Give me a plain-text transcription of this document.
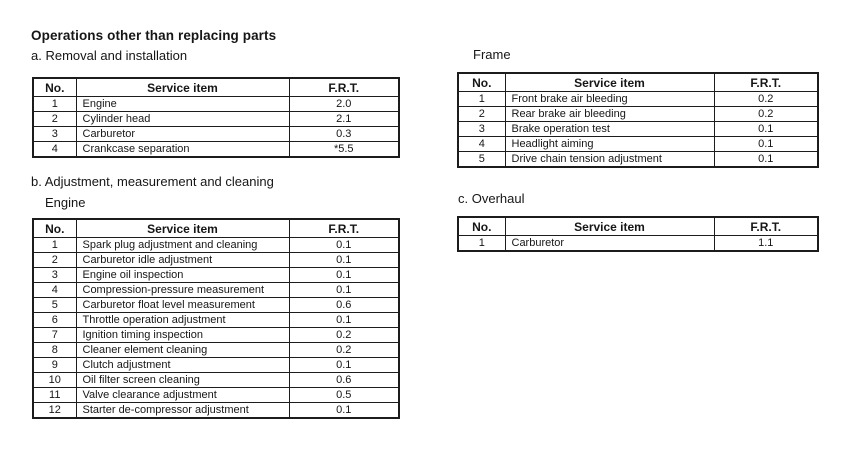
Operations other than replacing parts
a. Removal and installation
No.	Service item	F.R.T.
1	Engine	2.0
2	Cylinder head	2.1
3	Carburetor	0.3
4	Crankcase separation	*5.5
b. Adjustment, measurement and cleaning
Engine
No.	Service item	F.R.T.
1	Spark plug adjustment and cleaning	0.1
2	Carburetor idle adjustment	0.1
3	Engine oil inspection	0.1
4	Compression-pressure measurement	0.1
5	Carburetor float level measurement	0.6
6	Throttle operation adjustment	0.1
7	Ignition timing inspection	0.2
8	Cleaner element cleaning	0.2
9	Clutch adjustment	0.1
10	Oil filter screen cleaning	0.6
11	Valve clearance adjustment	0.5
12	Starter de-compressor adjustment	0.1
Frame
No.	Service item	F.R.T.
1	Front brake air bleeding	0.2
2	Rear brake air bleeding	0.2
3	Brake operation test	0.1
4	Headlight aiming	0.1
5	Drive chain tension adjustment	0.1
c. Overhaul
No.	Service item	F.R.T.
1	Carburetor	1.1
